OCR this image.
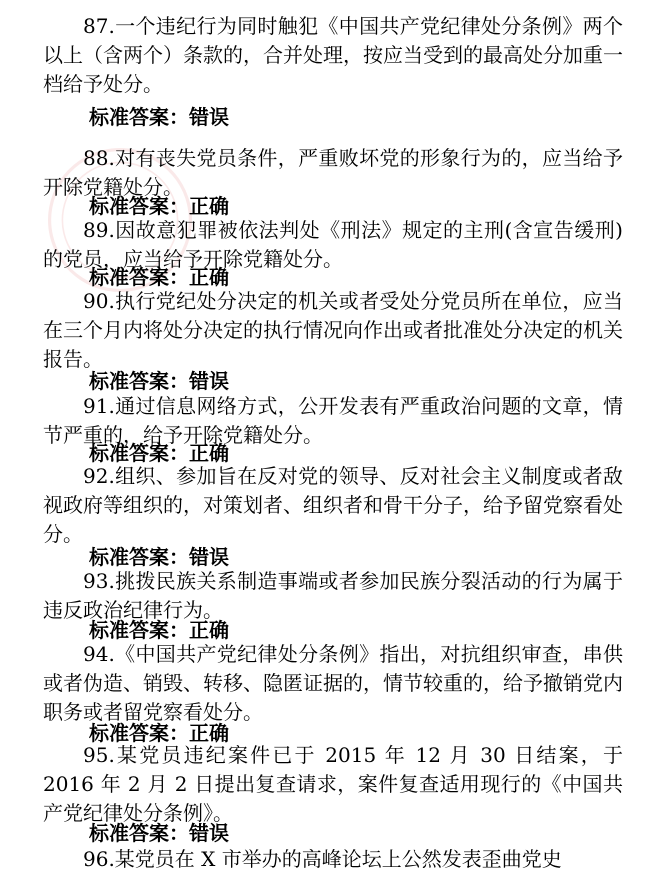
87.一个违纪行为同时触犯《中国共产党纪律处分条例》两个以上（含两个）条款的，合并处理，按应当受到的最高处分加重一档给予处分。

标准答案：错误

88.对有丧失党员条件，严重败坏党的形象行为的，应当给予开除党籍处分。

标准答案：正确

89.因故意犯罪被依法判处《刑法》规定的主刑(含宣告缓刑)的党员，应当给予开除党籍处分。

标准答案：正确

90.执行党纪处分决定的机关或者受处分党员所在单位，应当在三个月内将处分决定的执行情况向作出或者批准处分决定的机关报告。

标准答案：错误

91.通过信息网络方式，公开发表有严重政治问题的文章，情节严重的，给予开除党籍处分。

标准答案：正确

92.组织、参加旨在反对党的领导、反对社会主义制度或者敌视政府等组织的，对策划者、组织者和骨干分子，给予留党察看处分。

标准答案：错误

93.挑拨民族关系制造事端或者参加民族分裂活动的行为属于违反政治纪律行为。

标准答案：正确

94.《中国共产党纪律处分条例》指出，对抗组织审查，串供或者伪造、销毁、转移、隐匿证据的，情节较重的，给予撤销党内职务或者留党察看处分。

标准答案：正确

95.某党员违纪案件已于 2015 年 12 月 30 日结案，于 2016 年 2 月 2 日提出复查请求，案件复查适用现行的《中国共产党纪律处分条例》。

标准答案：错误

96.某党员在 X 市举办的高峰论坛上公然发表歪曲党史
